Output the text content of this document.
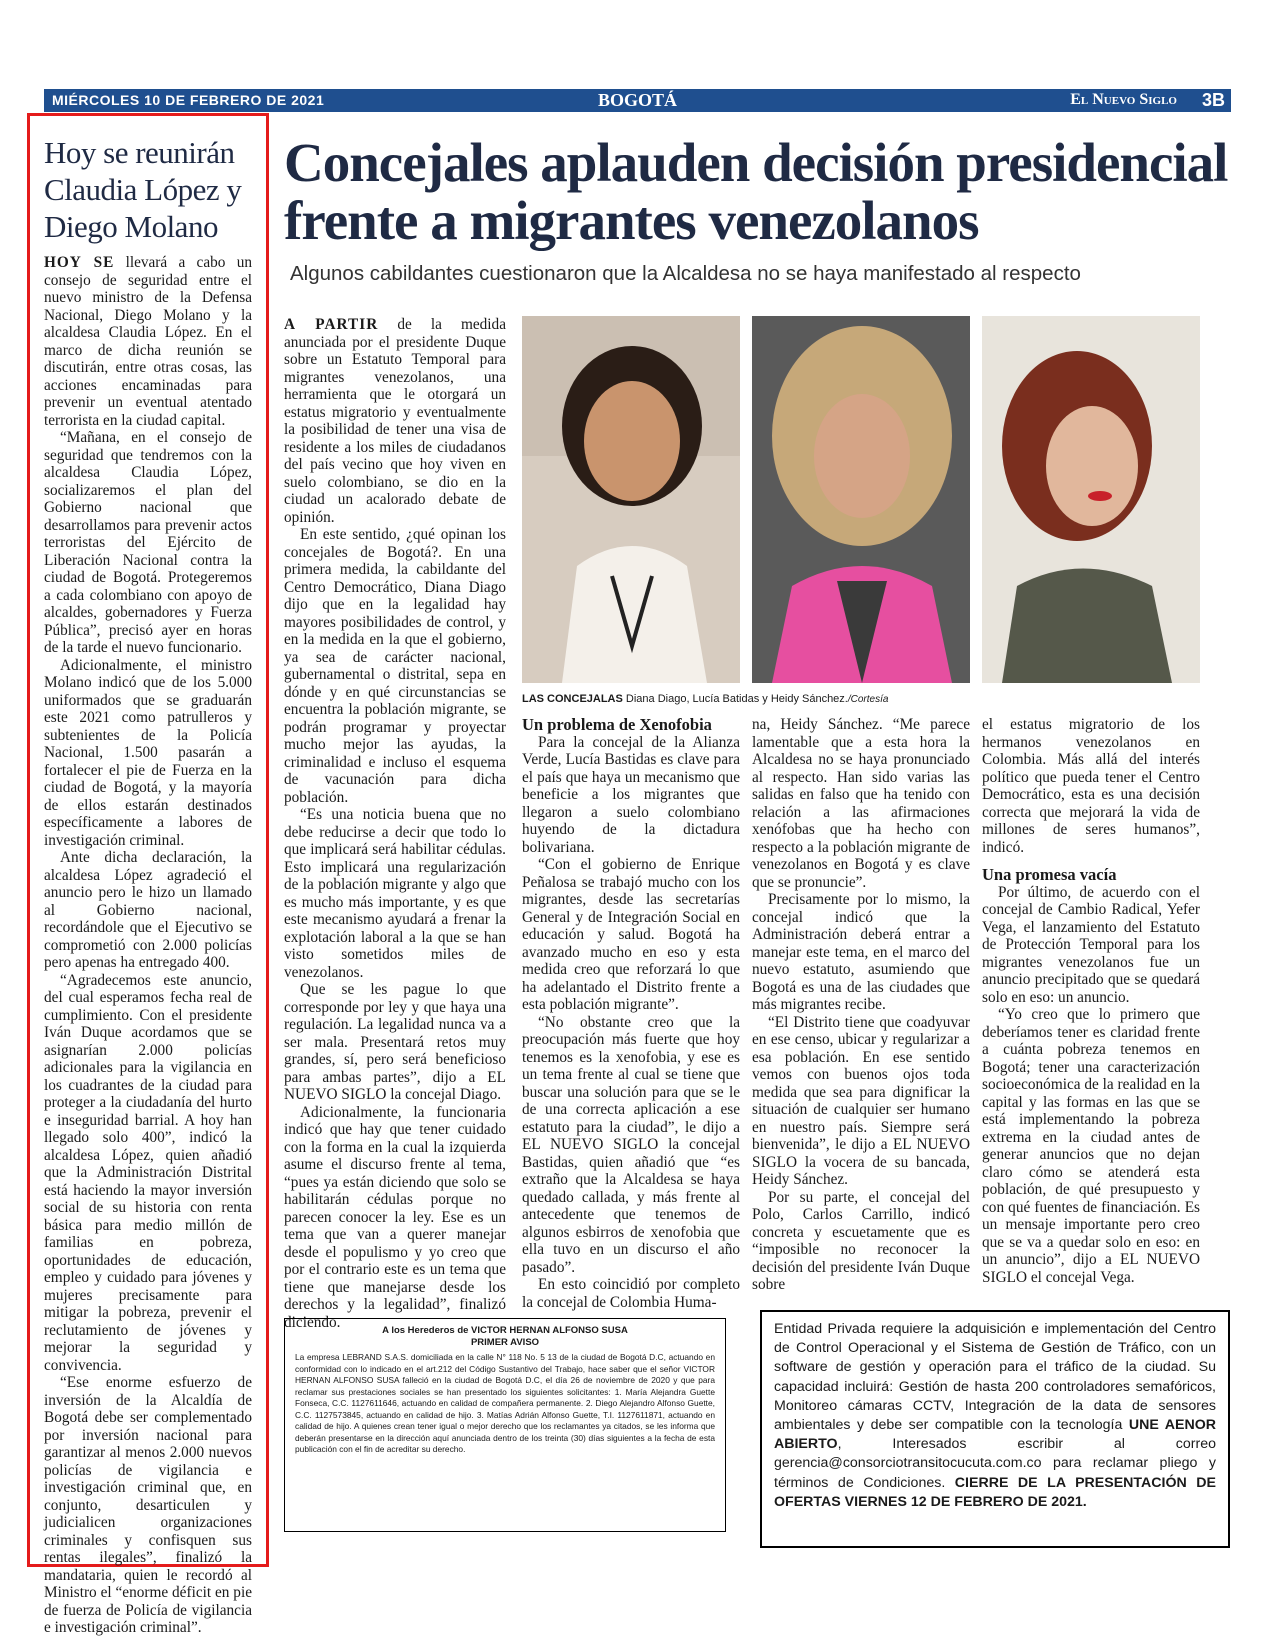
MIÉRCOLES 10 DE FEBRERO DE 2021	BOGOTÁ	El Nuevo Siglo 3B
Hoy se reunirán Claudia López y Diego Molano

HOY SE llevará a cabo un consejo de seguridad entre el nuevo ministro de la Defensa Nacional, Diego Molano y la alcaldesa Claudia López. En el marco de dicha reunión se discutirán, entre otras cosas, las acciones encaminadas para prevenir un eventual atentado terrorista en la ciudad capital.

“Mañana, en el consejo de seguridad que tendremos con la alcaldesa Claudia López, socializaremos el plan del Gobierno nacional que desarrollamos para prevenir actos terroristas del Ejército de Liberación Nacional contra la ciudad de Bogotá. Protegeremos a cada colombiano con apoyo de alcaldes, gobernadores y Fuerza Pública”, precisó ayer en horas de la tarde el nuevo funcionario.

Adicionalmente, el ministro Molano indicó que de los 5.000 uniformados que se graduarán este 2021 como patrulleros y subtenientes de la Policía Nacional, 1.500 pasarán a fortalecer el pie de Fuerza en la ciudad de Bogotá, y la mayoría de ellos estarán destinados específicamente a labores de investigación criminal.

Ante dicha declaración, la alcaldesa López agradeció el anuncio pero le hizo un llamado al Gobierno nacional, recordándole que el Ejecutivo se comprometió con 2.000 policías pero apenas ha entregado 400.

“Agradecemos este anuncio, del cual esperamos fecha real de cumplimiento. Con el presidente Iván Duque acordamos que se asignarían 2.000 policías adicionales para la vigilancia en los cuadrantes de la ciudad para proteger a la ciudadanía del hurto e inseguridad barrial. A hoy han llegado solo 400”, indicó la alcaldesa López, quien añadió que la Administración Distrital está haciendo la mayor inversión social de su historia con renta básica para medio millón de familias en pobreza, oportunidades de educación, empleo y cuidado para jóvenes y mujeres precisamente para mitigar la pobreza, prevenir el reclutamiento de jóvenes y mejorar la seguridad y convivencia.

“Ese enorme esfuerzo de inversión de la Alcaldía de Bogotá debe ser complementado por inversión nacional para garantizar al menos 2.000 nuevos policías de vigilancia e investigación criminal que, en conjunto, desarticulen y judicialicen organizaciones criminales y confisquen sus rentas ilegales”, finalizó la mandataria, quien le recordó al Ministro el “enorme déficit en pie de fuerza de Policía de vigilancia e investigación criminal”.

Concejales aplauden decisión presidencial frente a migrantes venezolanos
Algunos cabildantes cuestionaron que la Alcaldesa no se haya manifestado al respecto

A PARTIR de la medida anunciada por el presidente Duque sobre un Estatuto Temporal para migrantes venezolanos, una herramienta que le otorgará un estatus migratorio y eventualmente la posibilidad de tener una visa de residente a los miles de ciudadanos del país vecino que hoy viven en suelo colombiano, se dio en la ciudad un acalorado debate de opinión.

En este sentido, ¿qué opinan los concejales de Bogotá?. En una primera medida, la cabildante del Centro Democrático, Diana Diago dijo que en la legalidad hay mayores posibilidades de control, y en la medida en la que el gobierno, ya sea de carácter nacional, gubernamental o distrital, sepa en dónde y en qué circunstancias se encuentra la población migrante, se podrán programar y proyectar mucho mejor las ayudas, la criminalidad e incluso el esquema de vacunación para dicha población.

“Es una noticia buena que no debe reducirse a decir que todo lo que implicará será habilitar cédulas. Esto implicará una regularización de la población migrante y algo que es mucho más importante, y es que este mecanismo ayudará a frenar la explotación laboral a la que se han visto sometidos miles de venezolanos.

Que se les pague lo que corresponde por ley y que haya una regulación. La legalidad nunca va a ser mala. Presentará retos muy grandes, sí, pero será beneficioso para ambas partes”, dijo a EL NUEVO SIGLO la concejal Diago.

Adicionalmente, la funcionaria indicó que hay que tener cuidado con la forma en la cual la izquierda asume el discurso frente al tema, “pues ya están diciendo que solo se habilitarán cédulas porque no parecen conocer la ley. Ese es un tema que van a querer manejar desde el populismo y yo creo que por el contrario este es un tema que tiene que manejarse desde los derechos y la legalidad”, finalizó diciendo.

LAS CONCEJALAS Diana Diago, Lucía Batidas y Heidy Sánchez./Cortesía

Un problema de Xenofobia

Para la concejal de la Alianza Verde, Lucía Bastidas es clave para el país que haya un mecanismo que beneficie a los migrantes que llegaron a suelo colombiano huyendo de la dictadura bolivariana.

“Con el gobierno de Enrique Peñalosa se trabajó mucho con los migrantes, desde las secretarías General y de Integración Social en educación y salud. Bogotá ha avanzado mucho en eso y esta medida creo que reforzará lo que ha adelantado el Distrito frente a esta población migrante”.

“No obstante creo que la preocupación más fuerte que hoy tenemos es la xenofobia, y ese es un tema frente al cual se tiene que buscar una solución para que se le de una correcta aplicación a ese estatuto para la ciudad”, le dijo a EL NUEVO SIGLO la concejal Bastidas, quien añadió que “es extraño que la Alcaldesa se haya quedado callada, y más frente al antecedente que tenemos de algunos esbirros de xenofobia que ella tuvo en un discurso el año pasado”.

En esto coincidió por completo la concejal de Colombia Huma-

na, Heidy Sánchez. “Me parece lamentable que a esta hora la Alcaldesa no se haya pronunciado al respecto. Han sido varias las salidas en falso que ha tenido con relación a las afirmaciones xenófobas que ha hecho con respecto a la población migrante de venezolanos en Bogotá y es clave que se pronuncie”.

Precisamente por lo mismo, la concejal indicó que la Administración deberá entrar a manejar este tema, en el marco del nuevo estatuto, asumiendo que Bogotá es una de las ciudades que más migrantes recibe.

“El Distrito tiene que coadyuvar en ese censo, ubicar y regularizar a esa población. En ese sentido vemos con buenos ojos toda medida que sea para dignificar la situación de cualquier ser humano en nuestro país. Siempre será bienvenida”, le dijo a EL NUEVO SIGLO la vocera de su bancada, Heidy Sánchez.

Por su parte, el concejal del Polo, Carlos Carrillo, indicó concreta y escuetamente que es “imposible no reconocer la decisión del presidente Iván Duque sobre

el estatus migratorio de los hermanos venezolanos en Colombia. Más allá del interés político que pueda tener el Centro Democrático, esta es una decisión correcta que mejorará la vida de millones de seres humanos”, indicó.

Una promesa vacía

Por último, de acuerdo con el concejal de Cambio Radical, Yefer Vega, el lanzamiento del Estatuto de Protección Temporal para los migrantes venezolanos fue un anuncio precipitado que se quedará solo en eso: un anuncio.

“Yo creo que lo primero que deberíamos tener es claridad frente a cuánta pobreza tenemos en Bogotá; tener una caracterización socioeconómica de la realidad en la capital y las formas en las que se está implementando la pobreza extrema en la ciudad antes de generar anuncios que no dejan claro cómo se atenderá esta población, de qué presupuesto y con qué fuentes de financiación. Es un mensaje importante pero creo que se va a quedar solo en eso: en un anuncio”, dijo a EL NUEVO SIGLO el concejal Vega.

A los Herederos de VICTOR HERNAN ALFONSO SUSA
PRIMER AVISO

La empresa LEBRAND S.A.S. domiciliada en la calle N° 118 No. 5 13 de la ciudad de Bogotá D.C, actuando en conformidad con lo indicado en el art.212 del Código Sustantivo del Trabajo, hace saber que el señor VICTOR HERNAN ALFONSO SUSA falleció en la ciudad de Bogotá D.C, el día 26 de noviembre de 2020 y que para reclamar sus prestaciones sociales se han presentado los siguientes solicitantes: 1. María Alejandra Guette Fonseca, C.C. 1127611646, actuando en calidad de compañera permanente. 2. Diego Alejandro Alfonso Guette, C.C. 1127573845, actuando en calidad de hijo. 3. Matías Adrián Alfonso Guette, T.I. 1127611871, actuando en calidad de hijo. A quienes crean tener igual o mejor derecho que los reclamantes ya citados, se les informa que deberán presentarse en la dirección aquí anunciada dentro de los treinta (30) días siguientes a la fecha de esta publicación con el fin de acreditar su derecho.

Entidad Privada requiere la adquisición e implementación del Centro de Control Operacional y el Sistema de Gestión de Tráfico, con un software de gestión y operación para el tráfico de la ciudad. Su capacidad incluirá: Gestión de hasta 200 controladores semafóricos, Monitoreo cámaras CCTV, Integración de la data de sensores ambientales y debe ser compatible con la tecnología UNE AENOR ABIERTO, Interesados escribir al correo gerencia@consorciotransitocucuta.com.co para reclamar pliego y términos de Condiciones. CIERRE DE LA PRESENTACIÓN DE OFERTAS VIERNES 12 DE FEBRERO DE 2021.
